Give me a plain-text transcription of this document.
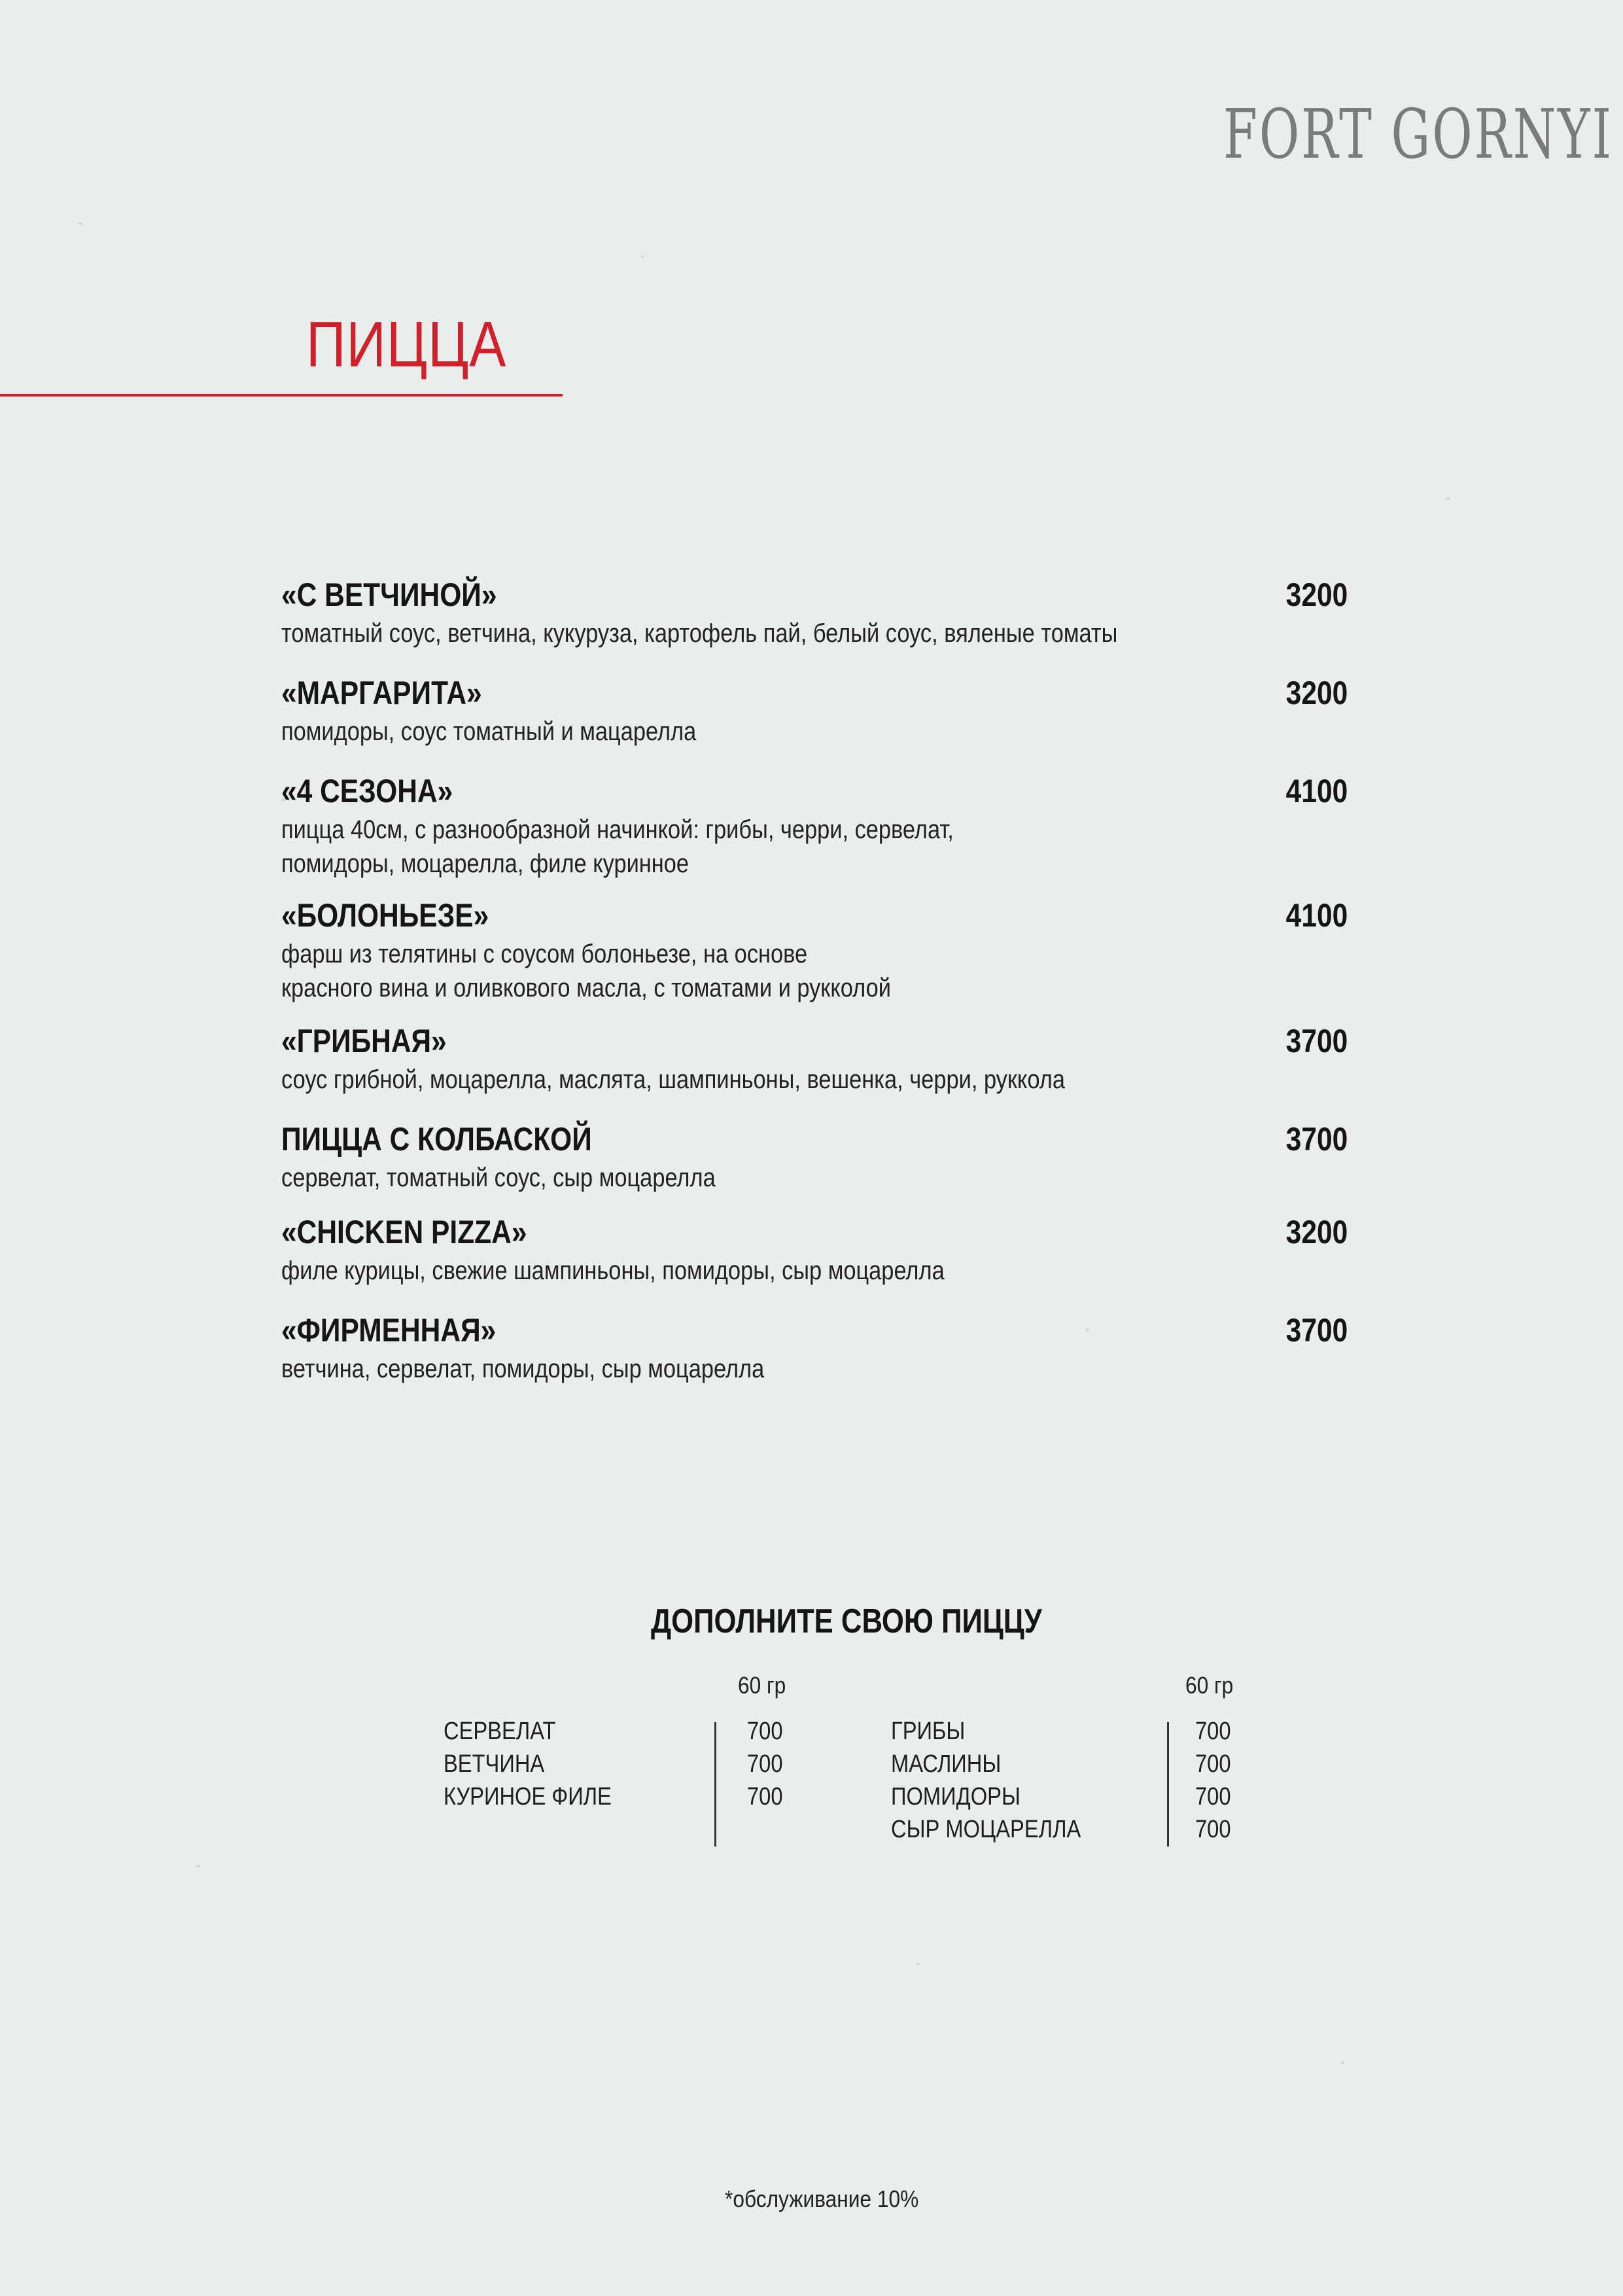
FORT GORNYI
ПИЦЦА
«С ВЕТЧИНОЙ»	3200
томатный соус, ветчина, кукуруза, картофель пай, белый соус, вяленые томаты
«МАРГАРИТА»	3200
помидоры, соус томатный и мацарелла
«4 СЕЗОНА»	4100
пицца 40см, с разнообразной начинкой: грибы, черри, сервелат,
помидоры, моцарелла, филе куринное
«БОЛОНЬЕЗЕ»	4100
фарш из телятины с соусом болоньезе, на основе
красного вина и оливкового масла, с томатами и рукколой
«ГРИБНАЯ»	3700
соус грибной, моцарелла, маслята, шампиньоны, вешенка, черри, руккола
ПИЦЦА С КОЛБАСКОЙ	3700
сервелат, томатный соус, сыр моцарелла
«CHICKEN PIZZA»	3200
филе курицы, свежие шампиньоны, помидоры, сыр моцарелла
«ФИРМЕННАЯ»	3700
ветчина, сервелат, помидоры, сыр моцарелла
ДОПОЛНИТЕ СВОЮ ПИЦЦУ
60 гр	60 гр
СЕРВЕЛАТ	700
ВЕТЧИНА	700
КУРИНОЕ ФИЛЕ	700
ГРИБЫ	700
МАСЛИНЫ	700
ПОМИДОРЫ	700
СЫР МОЦАРЕЛЛА	700
*обслуживание 10%
